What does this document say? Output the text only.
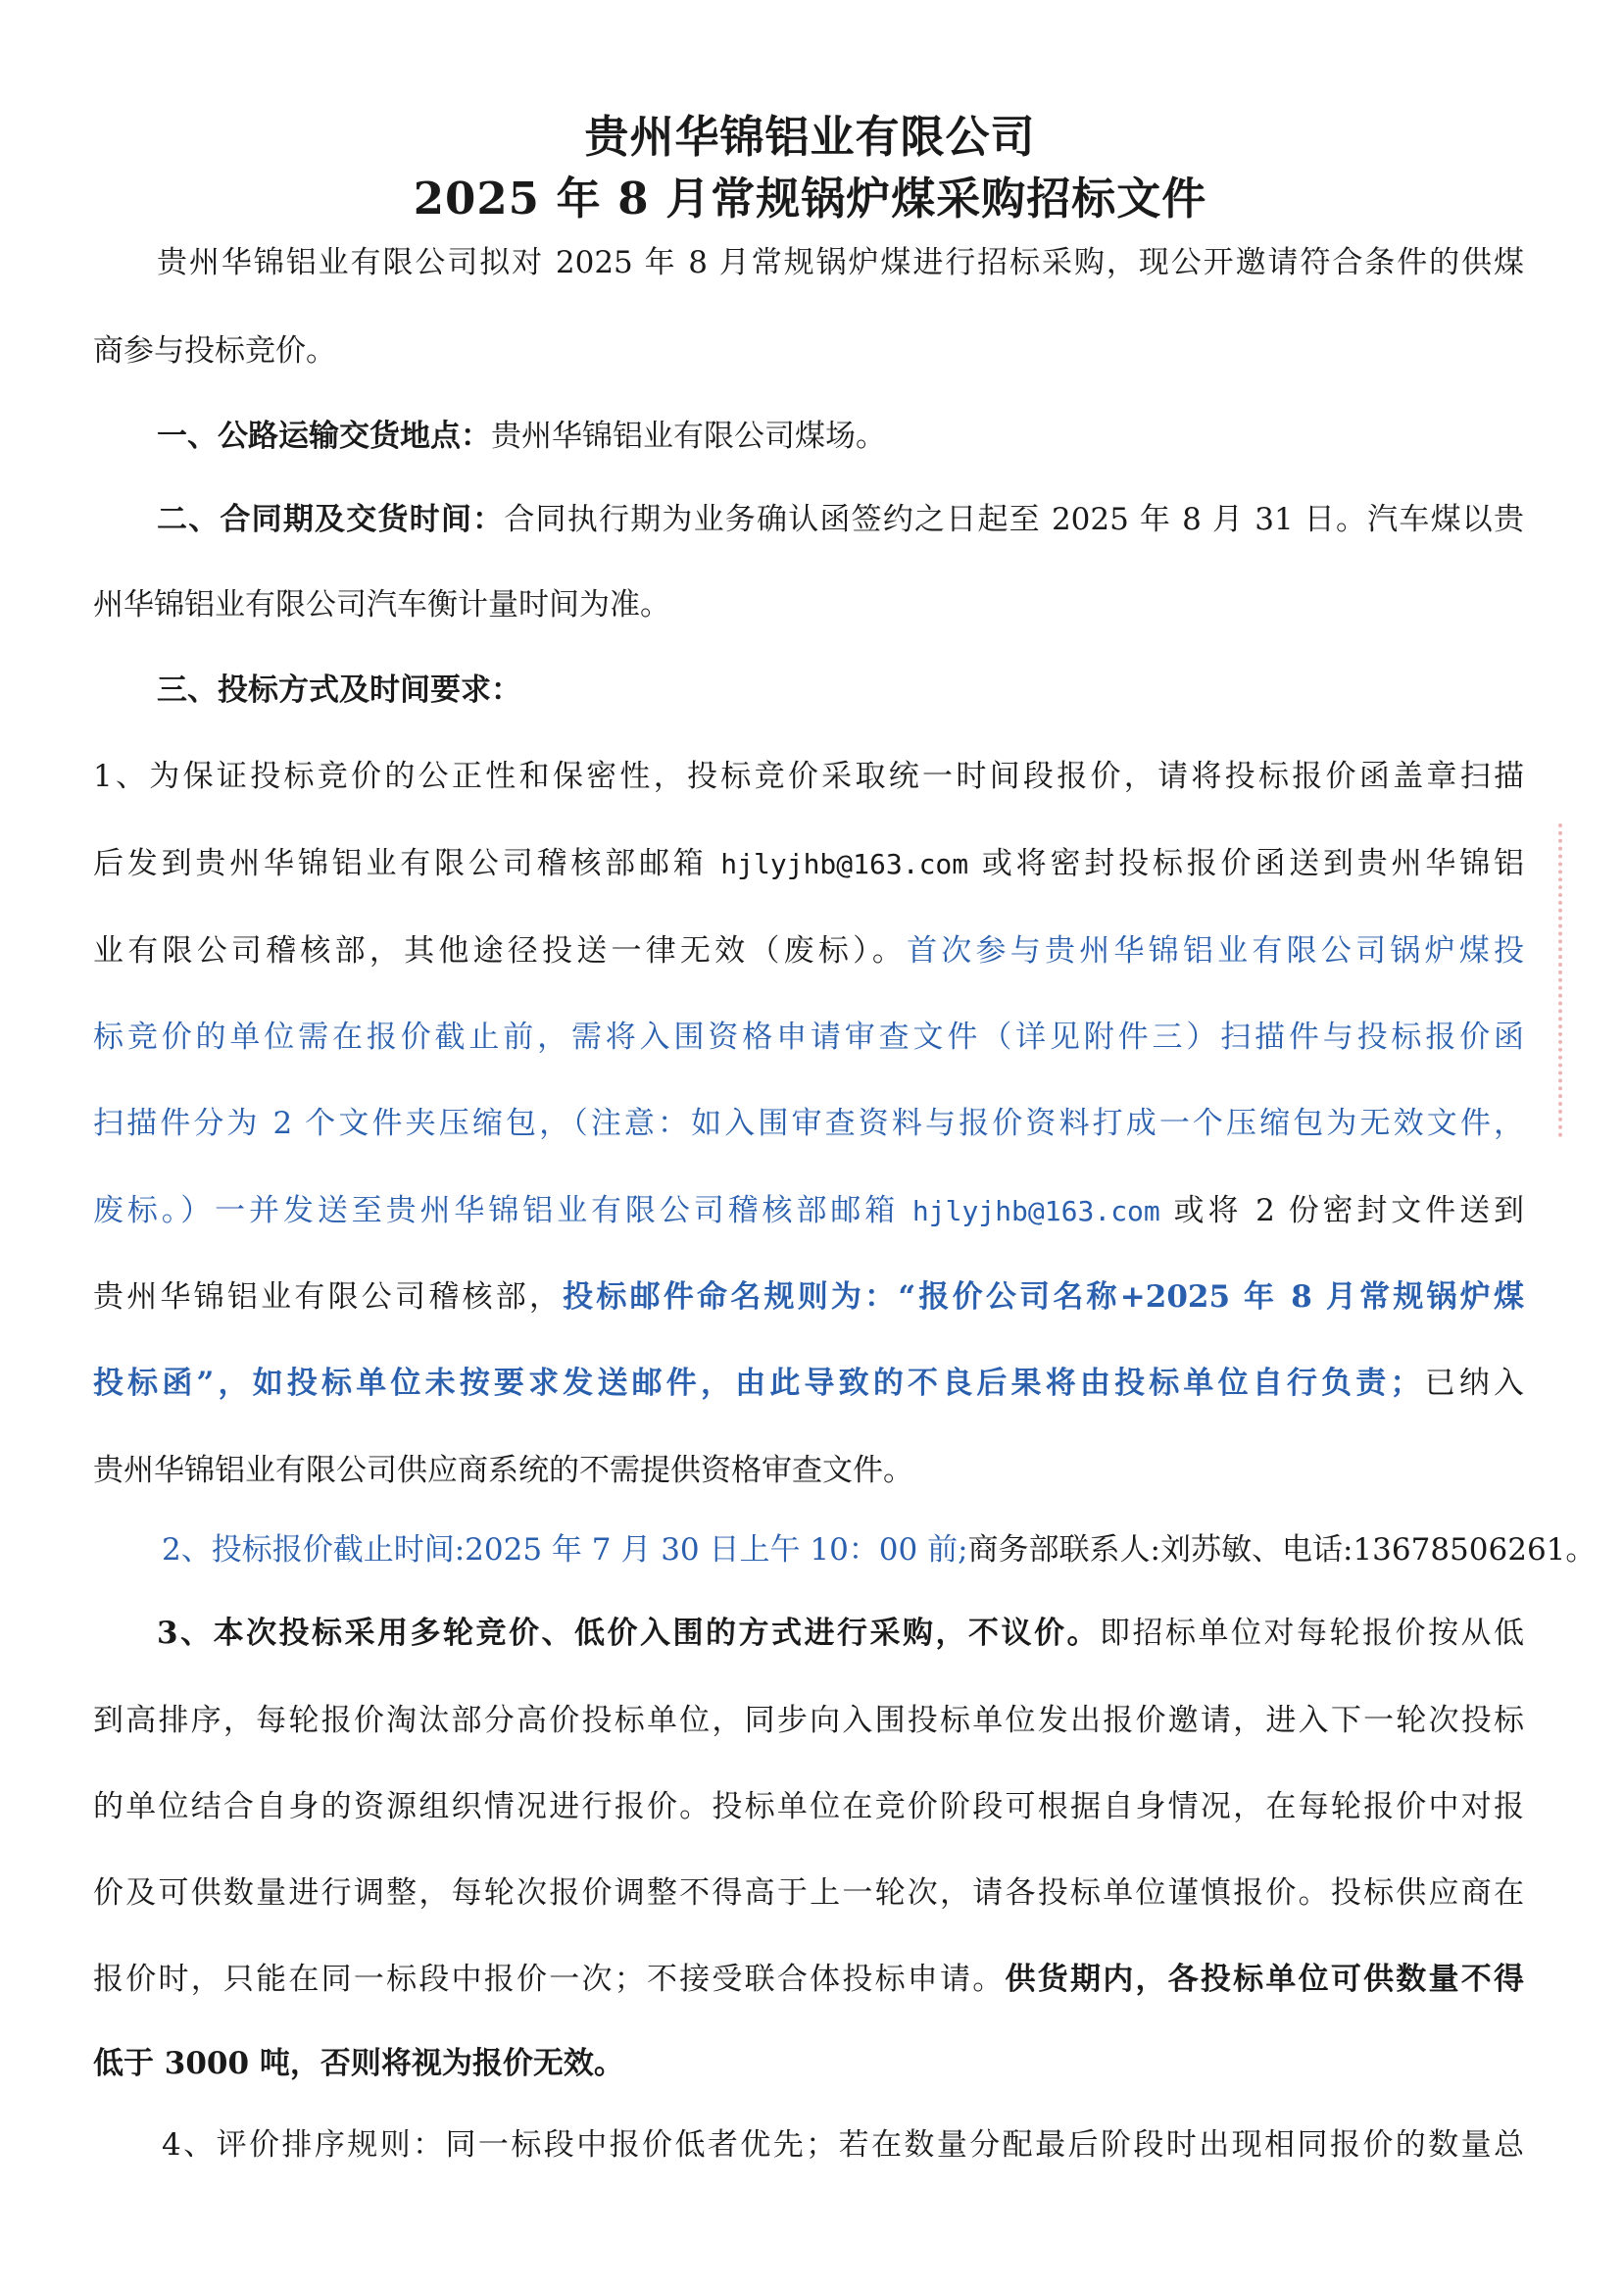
贵州华锦铝业有限公司
2025 年 8 月常规锅炉煤采购招标文件
贵州华锦铝业有限公司拟对 2025 年 8 月常规锅炉煤进行招标采购，现公开邀请符合条件的供煤
商参与投标竞价。
一、公路运输交货地点：贵州华锦铝业有限公司煤场。
二、合同期及交货时间：合同执行期为业务确认函签约之日起至 2025 年 8 月 31 日。汽车煤以贵
州华锦铝业有限公司汽车衡计量时间为准。
三、投标方式及时间要求：
1、为保证投标竞价的公正性和保密性，投标竞价采取统一时间段报价，请将投标报价函盖章扫描
后发到贵州华锦铝业有限公司稽核部邮箱 hjlyjhb@163.com 或将密封投标报价函送到贵州华锦铝
业有限公司稽核部，其他途径投送一律无效（废标）。首次参与贵州华锦铝业有限公司锅炉煤投
标竞价的单位需在报价截止前，需将入围资格申请审查文件（详见附件三）扫描件与投标报价函
扫描件分为 2 个文件夹压缩包，（注意：如入围审查资料与报价资料打成一个压缩包为无效文件，
废标。）一并发送至贵州华锦铝业有限公司稽核部邮箱 hjlyjhb@163.com 或将 2 份密封文件送到
贵州华锦铝业有限公司稽核部，投标邮件命名规则为：“报价公司名称+2025 年 8 月常规锅炉煤
投标函”，如投标单位未按要求发送邮件，由此导致的不良后果将由投标单位自行负责；已纳入
贵州华锦铝业有限公司供应商系统的不需提供资格审查文件。
2、投标报价截止时间:2025 年 7 月 30 日上午 10：00 前;商务部联系人:刘苏敏、电话:13678506261。
3、本次投标采用多轮竞价、低价入围的方式进行采购，不议价。即招标单位对每轮报价按从低
到高排序，每轮报价淘汰部分高价投标单位，同步向入围投标单位发出报价邀请，进入下一轮次投标
的单位结合自身的资源组织情况进行报价。投标单位在竞价阶段可根据自身情况，在每轮报价中对报
价及可供数量进行调整，每轮次报价调整不得高于上一轮次，请各投标单位谨慎报价。投标供应商在
报价时，只能在同一标段中报价一次；不接受联合体投标申请。供货期内，各投标单位可供数量不得
低于 3000 吨，否则将视为报价无效。
4、评价排序规则：同一标段中报价低者优先；若在数量分配最后阶段时出现相同报价的数量总
